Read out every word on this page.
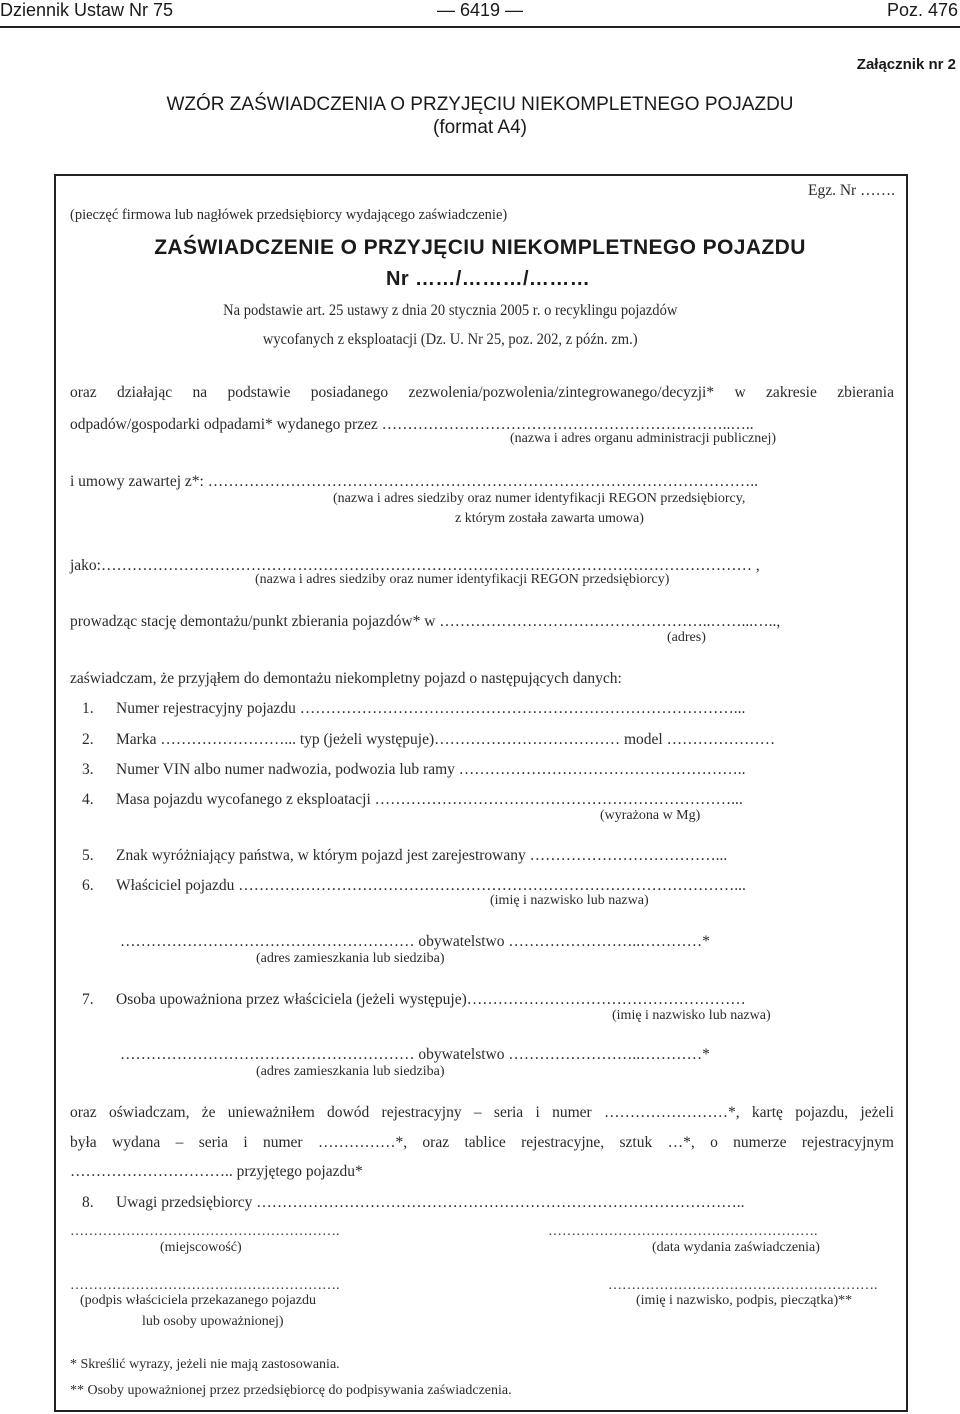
Dziennik Ustaw Nr 75	— 6419 —	Poz. 476
Załącznik nr 2
WZÓR ZAŚWIADCZENIA O PRZYJĘCIU NIEKOMPLETNEGO POJAZDU
(format A4)
Egz. Nr …….
(pieczęć firmowa lub nagłówek przedsiębiorcy wydającego zaświadczenie)
ZAŚWIADCZENIE O PRZYJĘCIU NIEKOMPLETNEGO POJAZDU
Nr ……/………/………
Na podstawie art. 25 ustawy z dnia 20 stycznia 2005 r. o recyklingu pojazdów
wycofanych z eksploatacji (Dz. U. Nr 25, poz. 202, z późn. zm.)
oraz działając na podstawie posiadanego zezwolenia/pozwolenia/zintegrowanego/decyzji* w zakresie zbierania
odpadów/gospodarki odpadami* wydanego przez …………………………………………………………..…..
(nazwa i adres organu administracji publicznej)
i umowy zawartej z*: ……………………………………………………………………………………………..
(nazwa i adres siedziby oraz numer identyfikacji REGON przedsiębiorcy,
z którym została zawarta umowa)
jako:……………………………………………………………………………………………………………… ,
(nazwa i adres siedziby oraz numer identyfikacji REGON przedsiębiorcy)
prowadząc stację demontażu/punkt zbierania pojazdów* w ……………………………………………..……...…..,
(adres)
zaświadczam, że przyjąłem do demontażu niekompletny pojazd o następujących danych:
1. Numer rejestracyjny pojazdu …………………………………………………………………………...
2. Marka ……………………... typ (jeżeli występuje)……………………………… model …………………
3. Numer VIN albo numer nadwozia, podwozia lub ramy ………………………………………………..
4. Masa pojazdu wycofanego z eksploatacji ……………………………………………………………...
(wyrażona w Mg)
5. Znak wyróżniający państwa, w którym pojazd jest zarejestrowany ………………………………...
6. Właściciel pojazdu ……………………………………………………………………………………...
(imię i nazwisko lub nazwa)
………………………………………………… obywatelstwo ……………………..…………*
(adres zamieszkania lub siedziba)
7. Osoba upoważniona przez właściciela (jeżeli występuje)………………………………………………
(imię i nazwisko lub nazwa)
………………………………………………… obywatelstwo ……………………..…………*
(adres zamieszkania lub siedziba)
oraz oświadczam, że unieważniłem dowód rejestracyjny – seria i numer ……………………*, kartę pojazdu, jeżeli
była wydana – seria i numer ……………*, oraz tablice rejestracyjne, sztuk …*, o numerze rejestracyjnym
………………………….. przyjętego pojazdu*
8. Uwagi przedsiębiorcy …………………………………………………………………………………..
………………………………………………….
(miejscowość)
………………………………………………….
(data wydania zaświadczenia)
………………………………………………….
(podpis właściciela przekazanego pojazdu
lub osoby upoważnionej)
………………………………………………….
(imię i nazwisko, podpis, pieczątka)**
* Skreślić wyrazy, jeżeli nie mają zastosowania.
** Osoby upoważnionej przez przedsiębiorcę do podpisywania zaświadczenia.
